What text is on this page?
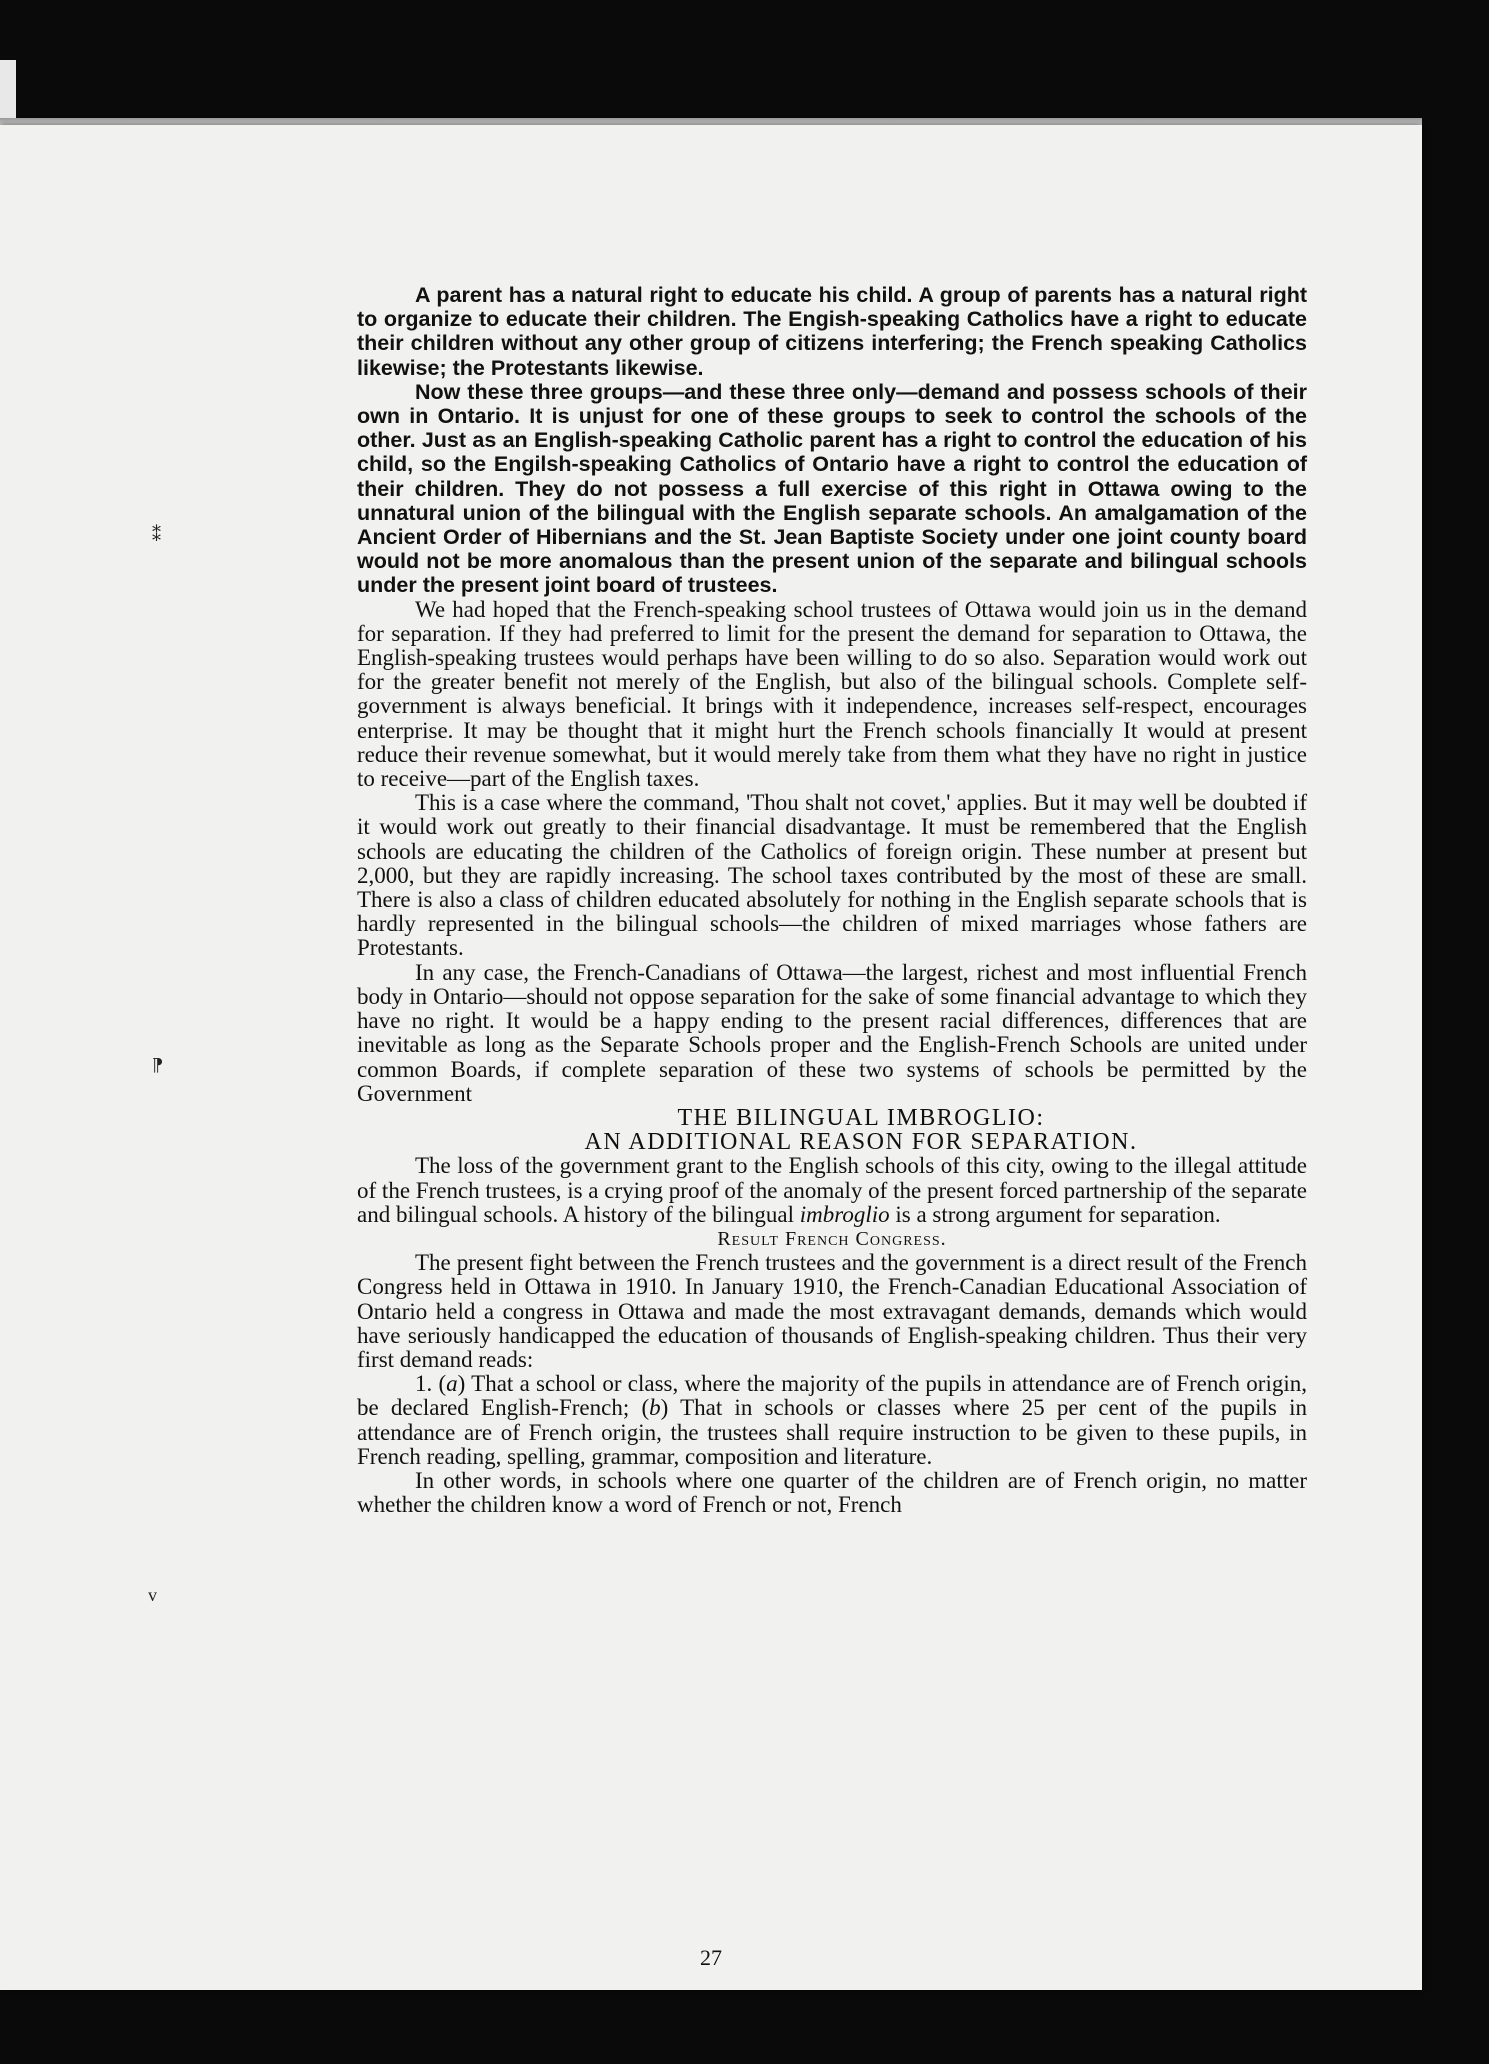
⁑
⁋
v

A parent has a natural right to educate his child. A group of parents has a natural right to organize to educate their children. The Engish-speaking Catholics have a right to educate their children without any other group of citizens interfering; the French speaking Catholics likewise; the Protestants likewise.

Now these three groups—and these three only—demand and possess schools of their own in Ontario. It is unjust for one of these groups to seek to control the schools of the other. Just as an English-speaking Catholic parent has a right to control the education of his child, so the Engilsh-speaking Catholics of Ontario have a right to control the education of their children. They do not possess a full exercise of this right in Ottawa owing to the unnatural union of the bilingual with the English separate schools. An amalgamation of the Ancient Order of Hibernians and the St. Jean Baptiste Society under one joint county board would not be more anomalous than the present union of the separate and bilingual schools under the present joint board of trustees.

We had hoped that the French-speaking school trustees of Ottawa would join us in the demand for separation. If they had preferred to limit for the present the demand for separation to Ottawa, the English-speaking trustees would perhaps have been willing to do so also. Separation would work out for the greater benefit not merely of the English, but also of the bilingual schools. Complete self-government is always beneficial. It brings with it independence, increases self-respect, encourages enterprise. It may be thought that it might hurt the French schools financially It would at present reduce their revenue somewhat, but it would merely take from them what they have no right in justice to receive—part of the English taxes.

This is a case where the command, 'Thou shalt not covet,' applies. But it may well be doubted if it would work out greatly to their financial disadvantage. It must be remembered that the English schools are educating the children of the Catholics of foreign origin. These number at present but 2,000, but they are rapidly increasing. The school taxes contributed by the most of these are small. There is also a class of children educated absolutely for nothing in the English separate schools that is hardly represented in the bilingual schools—the children of mixed marriages whose fathers are Protestants.

In any case, the French-Canadians of Ottawa—the largest, richest and most influential French body in Ontario—should not oppose separation for the sake of some financial advantage to which they have no right. It would be a happy ending to the present racial differences, differences that are inevitable as long as the Separate Schools proper and the English-French Schools are united under common Boards, if complete separation of these two systems of schools be permitted by the Government

THE BILINGUAL IMBROGLIO:

AN ADDITIONAL REASON FOR SEPARATION.

The loss of the government grant to the English schools of this city, owing to the illegal attitude of the French trustees, is a crying proof of the anomaly of the present forced partnership of the separate and bilingual schools. A history of the bilingual imbroglio is a strong argument for separation.

Result French Congress.

The present fight between the French trustees and the government is a direct result of the French Congress held in Ottawa in 1910. In January 1910, the French-Canadian Educational Association of Ontario held a congress in Ottawa and made the most extravagant demands, demands which would have seriously handicapped the education of thousands of English-speaking children. Thus their very first demand reads:

1. (a) That a school or class, where the majority of the pupils in attendance are of French origin, be declared English-French; (b) That in schools or classes where 25 per cent of the pupils in attendance are of French origin, the trustees shall require instruction to be given to these pupils, in French reading, spelling, grammar, composition and literature.

In other words, in schools where one quarter of the children are of French origin, no matter whether the children know a word of French or not, French

27
